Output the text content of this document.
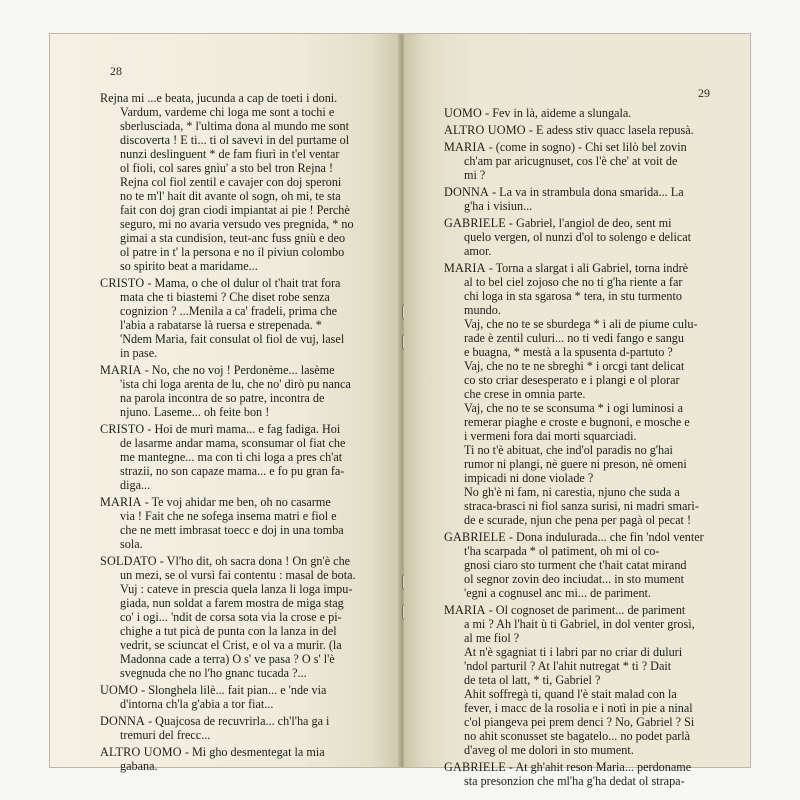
28
Rejna mi ...e beata, jucunda a cap de toeti i doni.
Vardum, vardeme chi loga me sont a tochi e
sberlusciada, * l'ultima dona al mundo me sont
discoverta ! E ti... ti ol savevi in del purtame ol
nunzi deslinguent * de fam fiurì in t'el ventar
ol fioli, col sares gnìu' a sto bel tron Rejna !
Rejna col fiol zentil e cavajer con doj speroni
no te m'l' hait dit avante ol sogn, oh mi, te sta
fait con doj gran ciodi impiantat ai pie ! Perchè
seguro, mi no avaria versudo ves pregnida, * no
gimai a sta cundision, teut-anc fuss gniù e deo
ol patre in t' la persona e no il piviun colombo
so spirito beat a maridame...
CRISTO - Mama, o che ol dulur ol t'hait trat fora
mata che ti biastemi ? Che diset robe senza
cognizion ? ...Menila a ca' fradeli, prima che
l'abia a rabatarse là ruersa e strepenada. *
'Ndem Maria, fait consulat ol fiol de vuj, lasel
in pase.
MARIA - No, che no voj ! Perdonème... lasème
'ista chi loga arenta de lu, che no' dirò pu nanca
na parola incontra de so patre, incontra de
njuno. Laseme... oh feite bon !
CRISTO - Hoi de murì mama... e fag fadiga. Hoi
de lasarme andar mama, sconsumar ol fiat che
me mantegne... ma con ti chi loga a pres ch'at
strazii, no son capaze mama... e fo pu gran fa-
diga...
MARIA - Te voj ahidar me ben, oh no casarme
via ! Fait che ne sofega insema matri e fiol e
che ne mett imbrasat toecc e doj in una tomba
sola.
SOLDATO - Vl'ho dit, oh sacra dona ! On gn'è che
un mezi, se ol vursì fai contentu : masal de bota.
Vuj : cateve in prescia quela lanza li loga impu-
giada, nun soldat a farem mostra de miga stag
co' i ogi... 'ndit de corsa sota via la crose e pi-
chighe a tut picà de punta con la lanza in del
vedrit, se sciuncat el Crist, e ol va a murir. (la
Madonna cade a terra) O s' ve pasa ? O s' l'è
svegnuda che no l'ho gnanc tucada ?...
UOMO - Slonghela lilè... fait pian... e 'nde via
d'intorna ch'la g'abia a tor fiat...
DONNA - Quajcosa de recuvrirla... ch'l'ha ga i
tremuri del frecc...
ALTRO UOMO - Mi gho desmentegat la mia
gabana.
29
UOMO - Fev in là, aideme a slungala.
ALTRO UOMO - E adess stiv quacc lasela repusà.
MARIA - (come in sogno) - Chi set lilò bel zovin
ch'am par aricugnuset, cos l'è che' at voit de
mi ?
DONNA - La va in strambula dona smarida... La
g'ha i visiun...
GABRIELE - Gabriel, l'angiol de deo, sent mi
quelo vergen, ol nunzi d'ol to solengo e delicat
amor.
MARIA - Torna a slargat i ali Gabriel, torna indrè
al to bel ciel zojoso che no ti g'ha riente a far
chi loga in sta sgarosa * tera, in stu turmento
mundo.
Vaj, che no te se sburdega * i ali de piume culu-
rade è zentil culuri... no ti vedi fango e sangu
e buagna, * mestà a la spusenta d-partuto ?
Vaj, che no te ne sbreghi * i orcgi tant delicat
co sto criar desesperato e i plangi e ol plorar
che crese in omnia parte.
Vaj, che no te se sconsuma * i ogi luminosi a
remerar piaghe e croste e bugnoni, e mosche e
i vermeni fora dai morti squarciadi.
Ti no t'è abituat, che ind'ol paradis no g'hai
rumor ni plangi, nè guere ni preson, nè omeni
impicadi ni done violade ?
No gh'è ni fam, ni carestia, njuno che suda a
straca-brasci ni fiol sanza surisi, ni madri smarì-
de e scurade, njun che pena per pagà ol pecat !
GABRIELE - Dona indulurada... che fin 'ndol venter
t'ha scarpada * ol patiment, oh mi ol co-
gnosi ciaro sto turment che t'hait catat mirand
ol segnor zovin deo inciudat... in sto mument
'egni a cognusel anc mi... de pariment.
MARIA - Ol cognoset de pariment... de pariment
a mi ? Ah l'hait ù ti Gabriel, in dol venter grosì,
al me fiol ?
At n'è sgagniat ti i labri par no criar di duluri
'ndol parturil ? At l'ahit nutregat * ti ? Dait
de teta ol latt, * ti, Gabriel ?
Ahit soffregà ti, quand l'è stait malad con la
fever, i macc de la rosolia e i notì in pie a ninal
c'ol piangeva pei prem denci ? No, Gabriel ? Si
no ahit sconusset ste bagatelo... no podet parlà
d'aveg ol me dolori in sto mument.
GABRIELE - At gh'ahit reson Maria... perdoname
sta presonzion che ml'ha g'ha dedat ol strapa-
